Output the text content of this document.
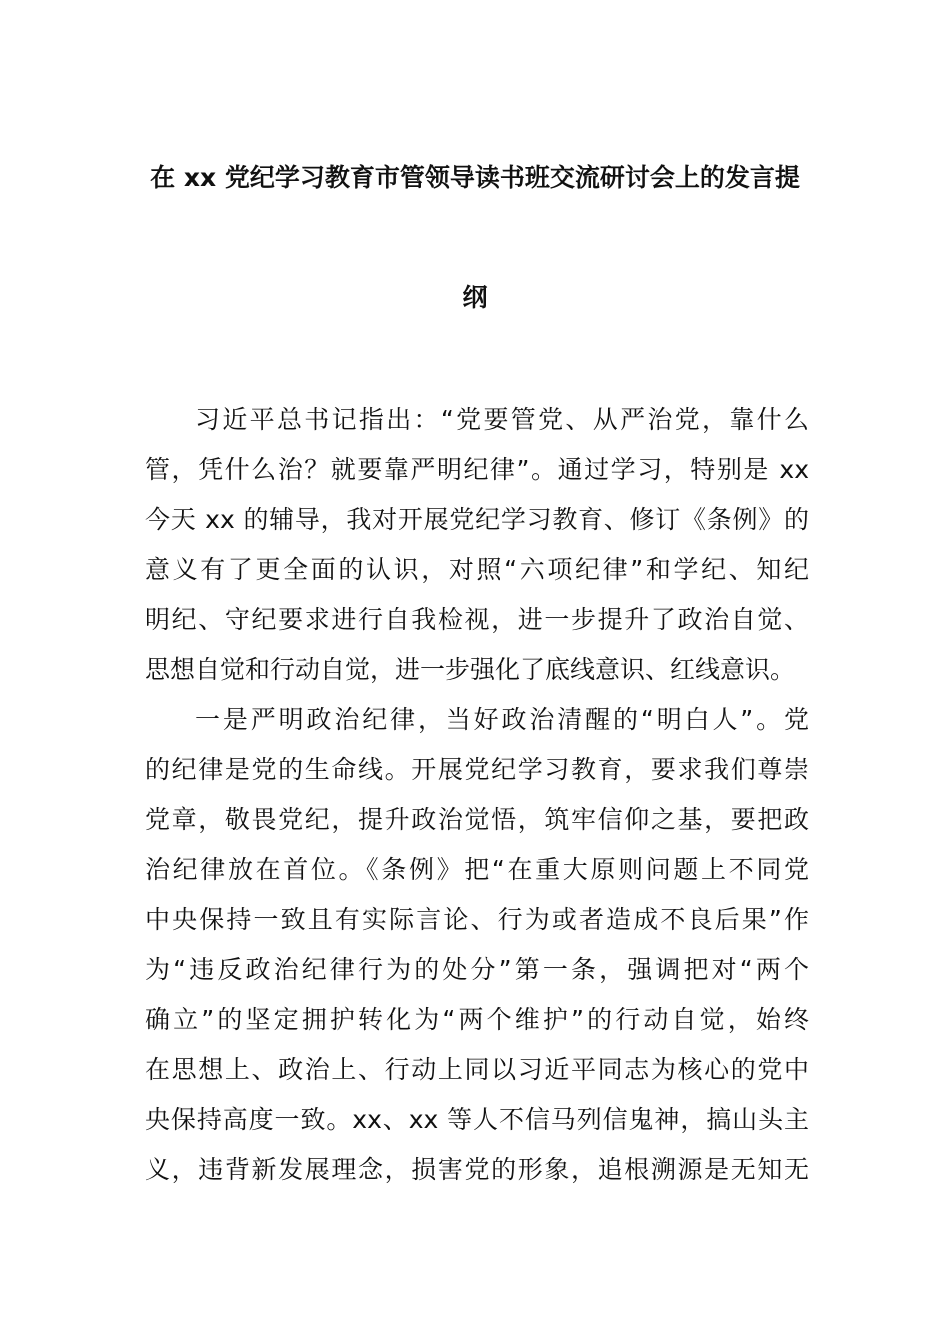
在 xx 党纪学习教育市管领导读书班交流研讨会上的发言提
纲
习近平总书记指出：“党要管党、从严治党，靠什么
管，凭什么治？就要靠严明纪律”。通过学习，特别是 xx
今天 xx 的辅导，我对开展党纪学习教育、修订《条例》的
意义有了更全面的认识，对照“六项纪律”和学纪、知纪
明纪、守纪要求进行自我检视，进一步提升了政治自觉、
思想自觉和行动自觉，进一步强化了底线意识、红线意识。
一是严明政治纪律，当好政治清醒的“明白人”。党
的纪律是党的生命线。开展党纪学习教育，要求我们尊崇
党章，敬畏党纪，提升政治觉悟，筑牢信仰之基，要把政
治纪律放在首位。《条例》把“在重大原则问题上不同党
中央保持一致且有实际言论、行为或者造成不良后果”作
为“违反政治纪律行为的处分”第一条，强调把对“两个
确立”的坚定拥护转化为“两个维护”的行动自觉，始终
在思想上、政治上、行动上同以习近平同志为核心的党中
央保持高度一致。xx、xx 等人不信马列信鬼神，搞山头主
义，违背新发展理念，损害党的形象，追根溯源是无知无
